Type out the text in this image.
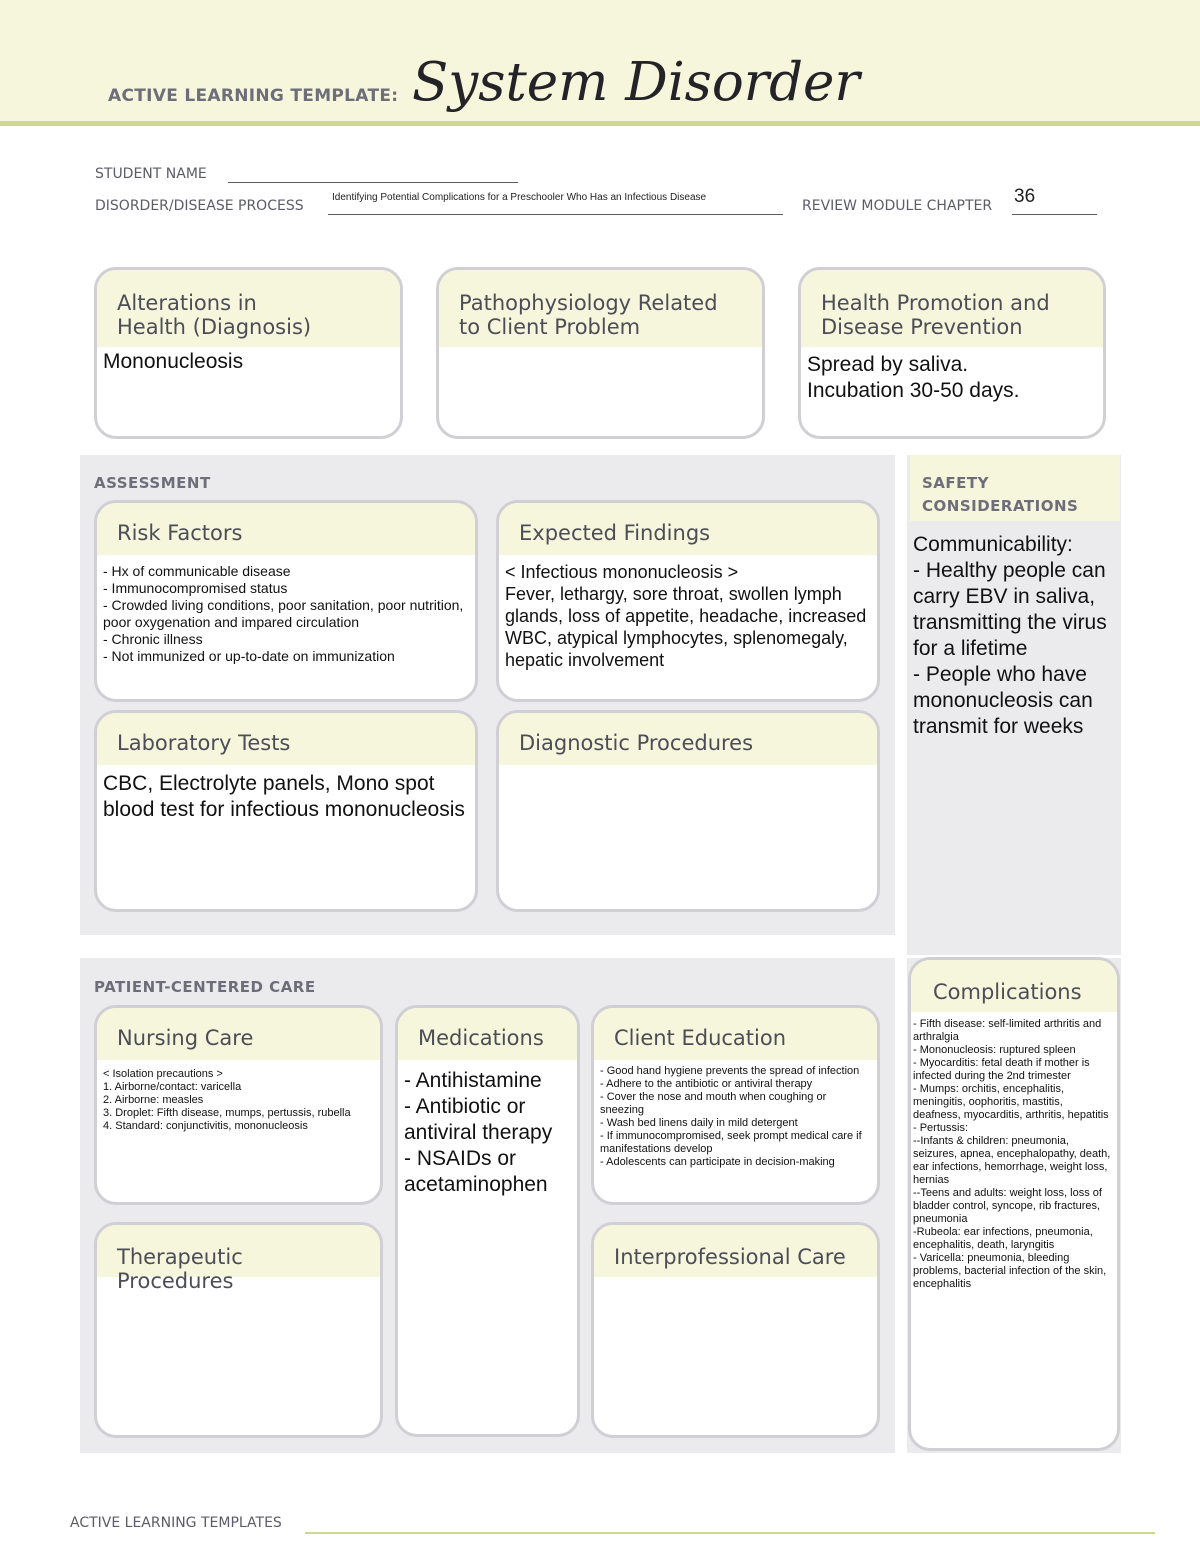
ACTIVE LEARNING TEMPLATE: System Disorder
STUDENT NAME
DISORDER/DISEASE PROCESS
Identifying Potential Complications for a Preschooler Who Has an Infectious Disease
REVIEW MODULE CHAPTER 36
Alterations in
Health (Diagnosis)
Mononucleosis
Pathophysiology Related
to Client Problem
Health Promotion and
Disease Prevention
Spread by saliva.
Incubation 30-50 days.
ASSESSMENT
Risk Factors
- Hx of communicable disease
- Immunocompromised status
- Crowded living conditions, poor sanitation, poor nutrition, poor oxygenation and impared circulation
- Chronic illness
- Not immunized or up-to-date on immunization
Expected Findings
< Infectious mononucleosis >
Fever, lethargy, sore throat, swollen lymph glands, loss of appetite, headache, increased WBC, atypical lymphocytes, splenomegaly, hepatic involvement
Laboratory Tests
CBC, Electrolyte panels, Mono spot blood test for infectious mononucleosis
Diagnostic Procedures
SAFETY
CONSIDERATIONS
Communicability:
- Healthy people can carry EBV in saliva, transmitting the virus for a lifetime
- People who have mononucleosis can transmit for weeks
PATIENT-CENTERED CARE
Nursing Care
< Isolation precautions >
1. Airborne/contact: varicella
2. Airborne: measles
3. Droplet: Fifth disease, mumps, pertussis, rubella
4. Standard: conjunctivitis, mononucleosis
Medications
- Antihistamine
- Antibiotic or antiviral therapy
- NSAIDs or acetaminophen
Client Education
- Good hand hygiene prevents the spread of infection
- Adhere to the antibiotic or antiviral therapy
- Cover the nose and mouth when coughing or sneezing
- Wash bed linens daily in mild detergent
- If immunocompromised, seek prompt medical care if manifestations develop
- Adolescents can participate in decision-making
Therapeutic Procedures
Interprofessional Care
Complications
- Fifth disease: self-limited arthritis and arthralgia
- Mononucleosis: ruptured spleen
- Myocarditis: fetal death if mother is infected during the 2nd trimester
- Mumps: orchitis, encephalitis, meningitis, oophoritis, mastitis, deafness, myocarditis, arthritis, hepatitis
- Pertussis:
--Infants & children: pneumonia, seizures, apnea, encephalopathy, death, ear infections, hemorrhage, weight loss, hernias
--Teens and adults: weight loss, loss of bladder control, syncope, rib fractures, pneumonia
-Rubeola: ear infections, pneumonia, encephalitis, death, laryngitis
- Varicella: pneumonia, bleeding problems, bacterial infection of the skin, encephalitis
ACTIVE LEARNING TEMPLATES
